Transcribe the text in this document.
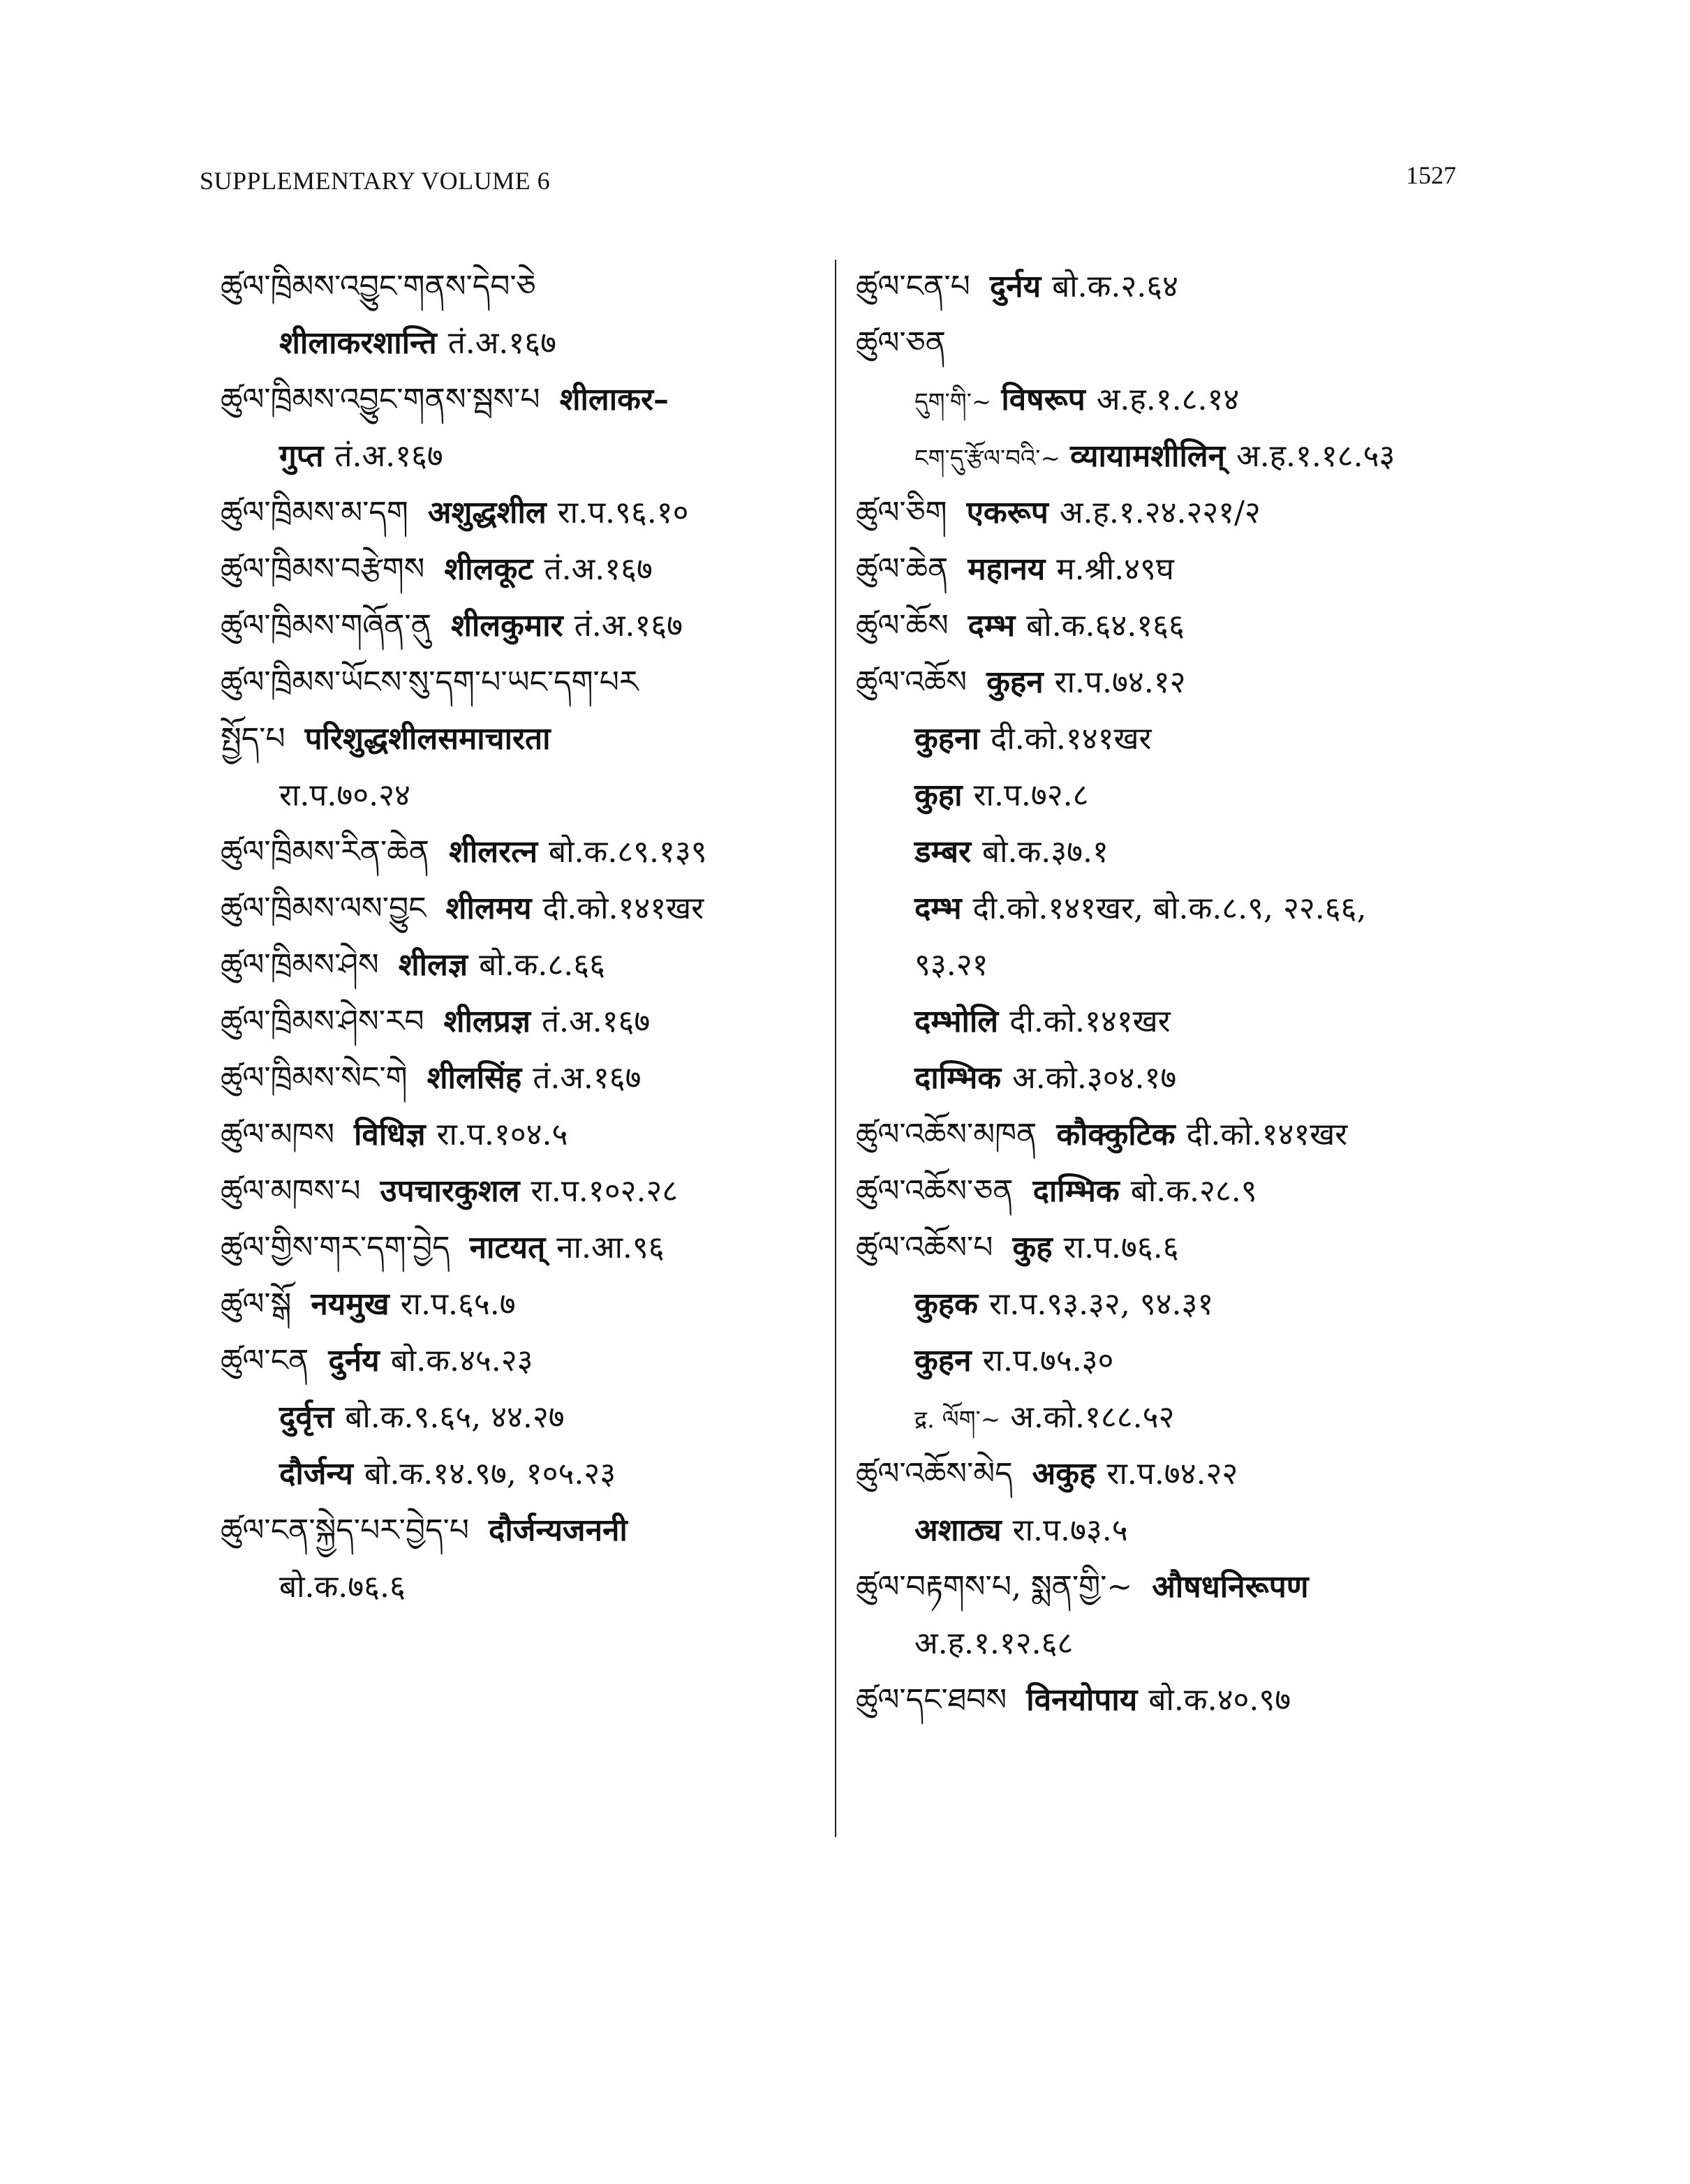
SUPPLEMENTARY VOLUME 6	1527
ཚུལ་ཁྲིམས་འབྱུང་གནས་དེབ་ཅེ
शीलाकरशान्ति तं.अ.१६७
ཚུལ་ཁྲིམས་འབྱུང་གནས་སྦས་པ शीलाकर–
गुप्त तं.अ.१६७
ཚུལ་ཁྲིམས་མ་དག अशुद्धशील रा.प.९६.१०
ཚུལ་ཁྲིམས་བརྩེགས शीलकूट तं.अ.१६७
ཚུལ་ཁྲིམས་གཞོན་ནུ शीलकुमार तं.अ.१६७
ཚུལ་ཁྲིམས་ཡོངས་སུ་དག་པ་ཡང་དག་པར
སྤྱོད་པ परिशुद्धशीलसमाचारता
रा.प.७०.२४
ཚུལ་ཁྲིམས་རིན་ཆེན शीलरत्न बो.क.८९.१३९
ཚུལ་ཁྲིམས་ལས་བྱུང शीलमय दी.को.१४१खर
ཚུལ་ཁྲིམས་ཤེས शीलज्ञ बो.क.८.६६
ཚུལ་ཁྲིམས་ཤེས་རབ शीलप्रज्ञ तं.अ.१६७
ཚུལ་ཁྲིམས་སེང་གེ शीलसिंह तं.अ.१६७
ཚུལ་མཁས विधिज्ञ रा.प.१०४.५
ཚུལ་མཁས་པ उपचारकुशल रा.प.१०२.२८
ཚུལ་གྱིས་གར་དག་བྱེད नाटयत् ना.आ.९६
ཚུལ་སྒོ नयमुख रा.प.६५.७
ཚུལ་ངན दुर्नय बो.क.४५.२३
दुर्वृत्त बो.क.९.६५, ४४.२७
दौर्जन्य बो.क.१४.९७, १०५.२३
ཚུལ་ངན་སྐྱེད་པར་བྱེད་པ दौर्जन्यजननी
बो.क.७६.६
ཚུལ་ངན་པ दुर्नय बो.क.२.६४
ཚུལ་ཅན
དུག་གི་~ विषरूप अ.ह.१.८.१४
ངག་དུ་རྩོལ་བའི་~ व्यायामशीलिन् अ.ह.१.१८.५३
ཚུལ་ཅིག एकरूप अ.ह.१.२४.२२१/२
ཚུལ་ཆེན महानय म.श्री.४९घ
ཚུལ་ཆོས दम्भ बो.क.६४.१६६
ཚུལ་འཆོས कुहन रा.प.७४.१२
कुहना दी.को.१४१खर
कुहा रा.प.७२.८
डम्बर बो.क.३७.१
दम्भ दी.को.१४१खर, बो.क.८.९, २२.६६,
९३.२१
दम्भोलि दी.को.१४१खर
दाम्भिक अ.को.३०४.१७
ཚུལ་འཆོས་མཁན कौक्कुटिक दी.को.१४१खर
ཚུལ་འཆོས་ཅན दाम्भिक बो.क.२८.९
ཚུལ་འཆོས་པ कुह रा.प.७६.६
कुहक रा.प.९३.३२, ९४.३१
कुहन रा.प.७५.३०
द्र. ལོག་~ अ.को.१८८.५२
ཚུལ་འཆོས་མེད अकुह रा.प.७४.२२
अशाठ्य रा.प.७३.५
ཚུལ་བརྟགས་པ, སྨན་གྱི་~ औषधनिरूपण
अ.ह.१.१२.६८
ཚུལ་དང་ཐབས विनयोपाय बो.क.४०.९७
